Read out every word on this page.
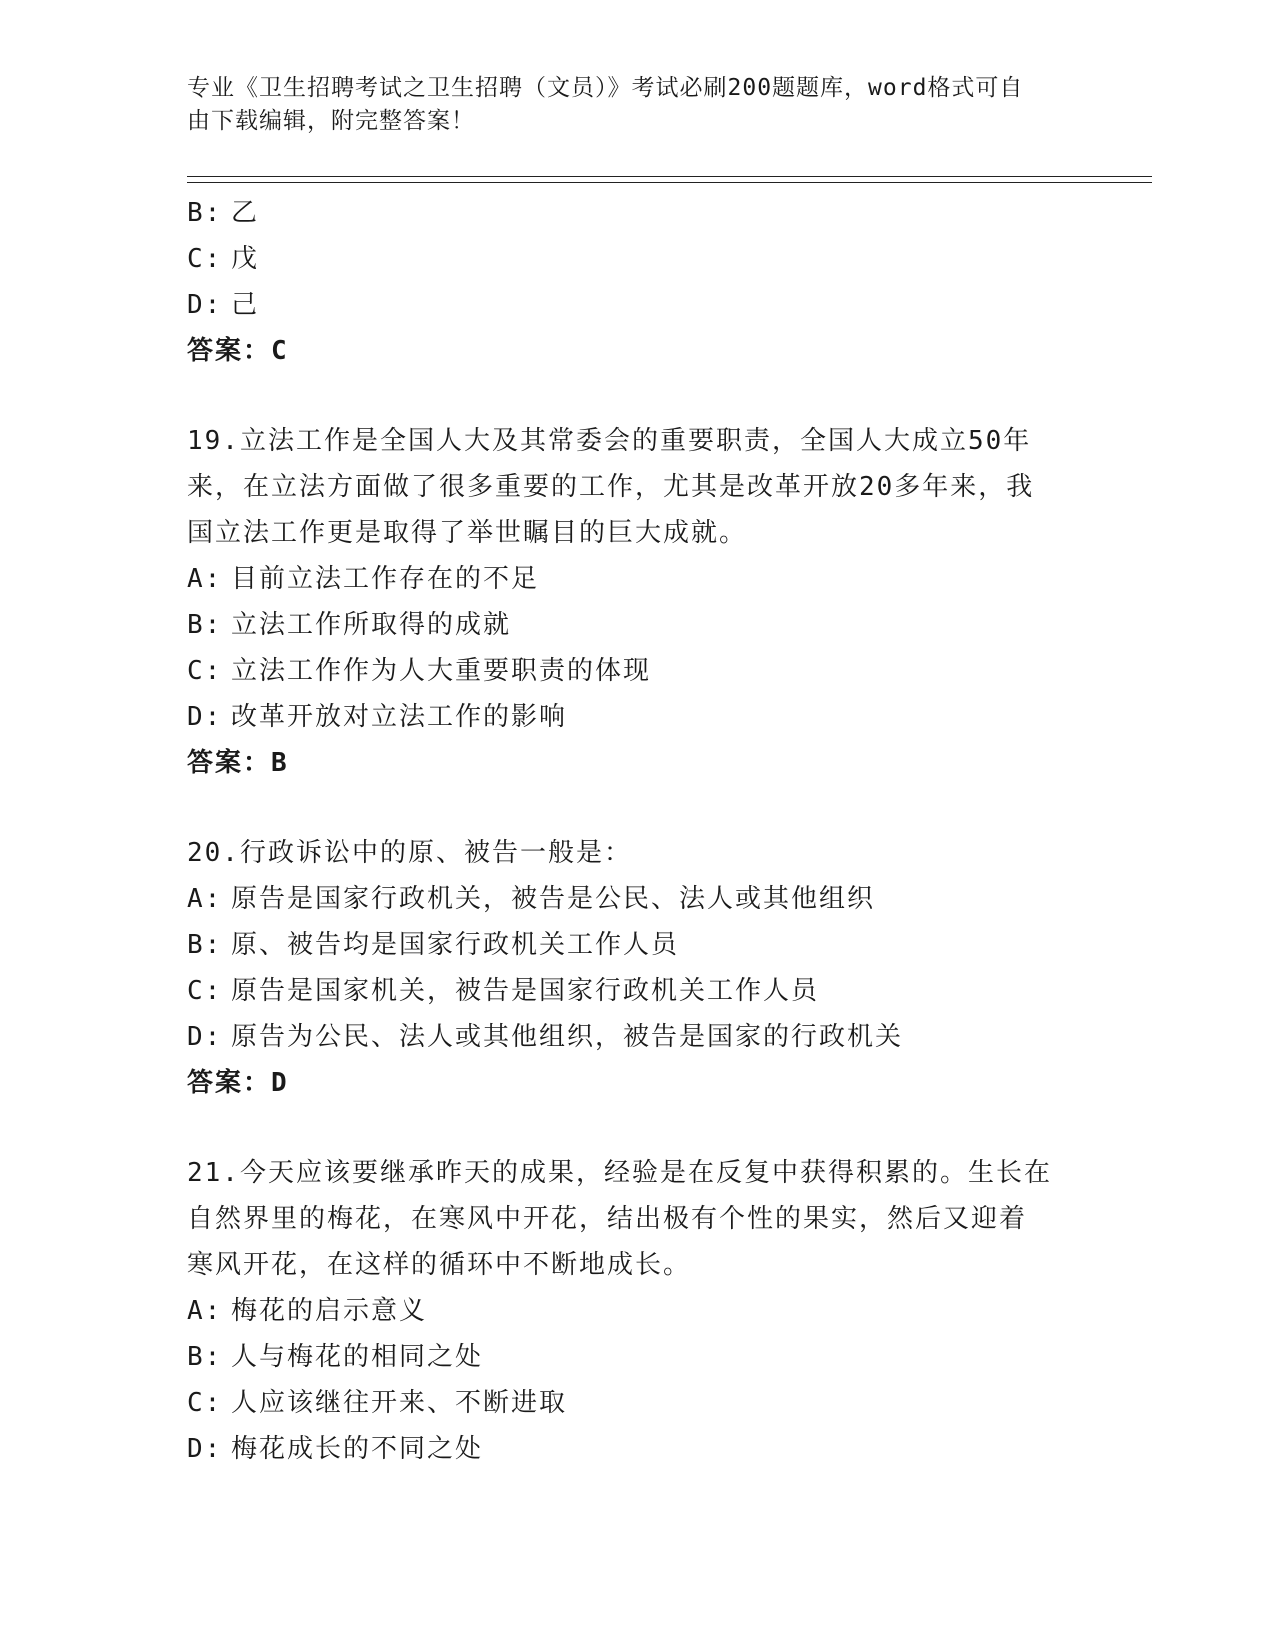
专业《卫生招聘考试之卫生招聘（文员）》考试必刷200题题库，word格式可自
由下载编辑，附完整答案！
B: 乙
C: 戊
D: 己
答案：C
19.立法工作是全国人大及其常委会的重要职责，全国人大成立50年
来，在立法方面做了很多重要的工作，尤其是改革开放20多年来，我
国立法工作更是取得了举世瞩目的巨大成就。
A: 目前立法工作存在的不足
B: 立法工作所取得的成就
C: 立法工作作为人大重要职责的体现
D: 改革开放对立法工作的影响
答案：B
20.行政诉讼中的原、被告一般是：
A: 原告是国家行政机关，被告是公民、法人或其他组织
B: 原、被告均是国家行政机关工作人员
C: 原告是国家机关，被告是国家行政机关工作人员
D: 原告为公民、法人或其他组织，被告是国家的行政机关
答案：D
21.今天应该要继承昨天的成果，经验是在反复中获得积累的。生长在
自然界里的梅花，在寒风中开花，结出极有个性的果实，然后又迎着
寒风开花，在这样的循环中不断地成长。
A: 梅花的启示意义
B: 人与梅花的相同之处
C: 人应该继往开来、不断进取
D: 梅花成长的不同之处
